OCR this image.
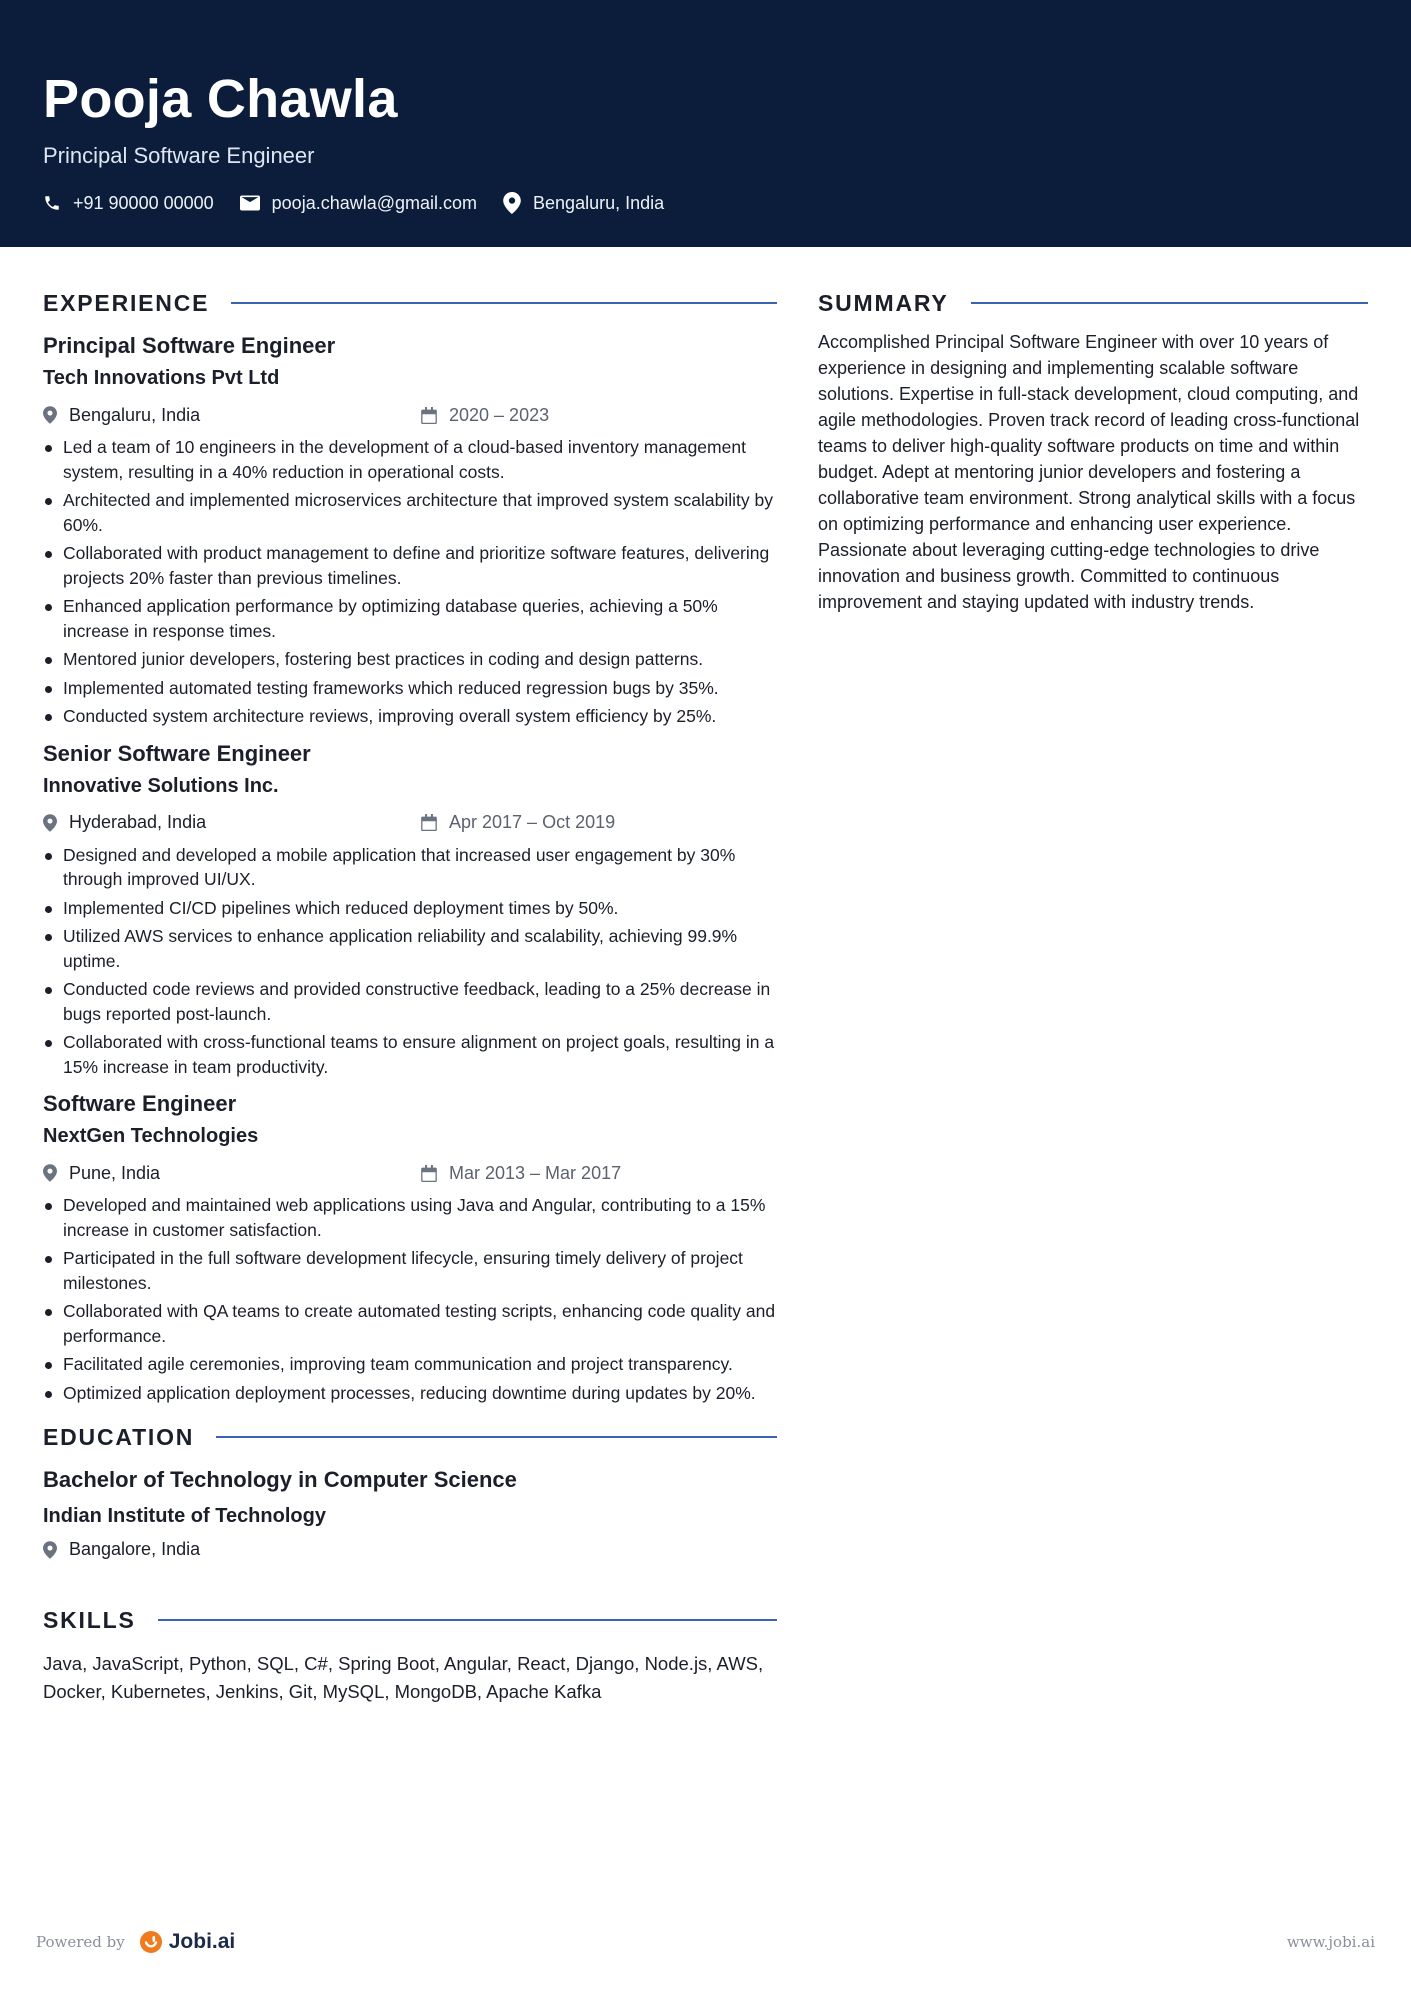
Pooja Chawla
Principal Software Engineer
+91 90000 00000	pooja.chawla@gmail.com	Bengaluru, India
EXPERIENCE
Principal Software Engineer
Tech Innovations Pvt Ltd
Bengaluru, India	2020 – 2023
Led a team of 10 engineers in the development of a cloud-based inventory management system, resulting in a 40% reduction in operational costs.
Architected and implemented microservices architecture that improved system scalability by 60%.
Collaborated with product management to define and prioritize software features, delivering projects 20% faster than previous timelines.
Enhanced application performance by optimizing database queries, achieving a 50% increase in response times.
Mentored junior developers, fostering best practices in coding and design patterns.
Implemented automated testing frameworks which reduced regression bugs by 35%.
Conducted system architecture reviews, improving overall system efficiency by 25%.
Senior Software Engineer
Innovative Solutions Inc.
Hyderabad, India	Apr 2017 – Oct 2019
Designed and developed a mobile application that increased user engagement by 30% through improved UI/UX.
Implemented CI/CD pipelines which reduced deployment times by 50%.
Utilized AWS services to enhance application reliability and scalability, achieving 99.9% uptime.
Conducted code reviews and provided constructive feedback, leading to a 25% decrease in bugs reported post-launch.
Collaborated with cross-functional teams to ensure alignment on project goals, resulting in a 15% increase in team productivity.
Software Engineer
NextGen Technologies
Pune, India	Mar 2013 – Mar 2017
Developed and maintained web applications using Java and Angular, contributing to a 15% increase in customer satisfaction.
Participated in the full software development lifecycle, ensuring timely delivery of project milestones.
Collaborated with QA teams to create automated testing scripts, enhancing code quality and performance.
Facilitated agile ceremonies, improving team communication and project transparency.
Optimized application deployment processes, reducing downtime during updates by 20%.
EDUCATION
Bachelor of Technology in Computer Science
Indian Institute of Technology
Bangalore, India
SKILLS
Java, JavaScript, Python, SQL, C#, Spring Boot, Angular, React, Django, Node.js, AWS, Docker, Kubernetes, Jenkins, Git, MySQL, MongoDB, Apache Kafka
SUMMARY
Accomplished Principal Software Engineer with over 10 years of experience in designing and implementing scalable software solutions. Expertise in full-stack development, cloud computing, and agile methodologies. Proven track record of leading cross-functional teams to deliver high-quality software products on time and within budget. Adept at mentoring junior developers and fostering a collaborative team environment. Strong analytical skills with a focus on optimizing performance and enhancing user experience. Passionate about leveraging cutting-edge technologies to drive innovation and business growth. Committed to continuous improvement and staying updated with industry trends.
Powered by Jobi.ai	www.jobi.ai
